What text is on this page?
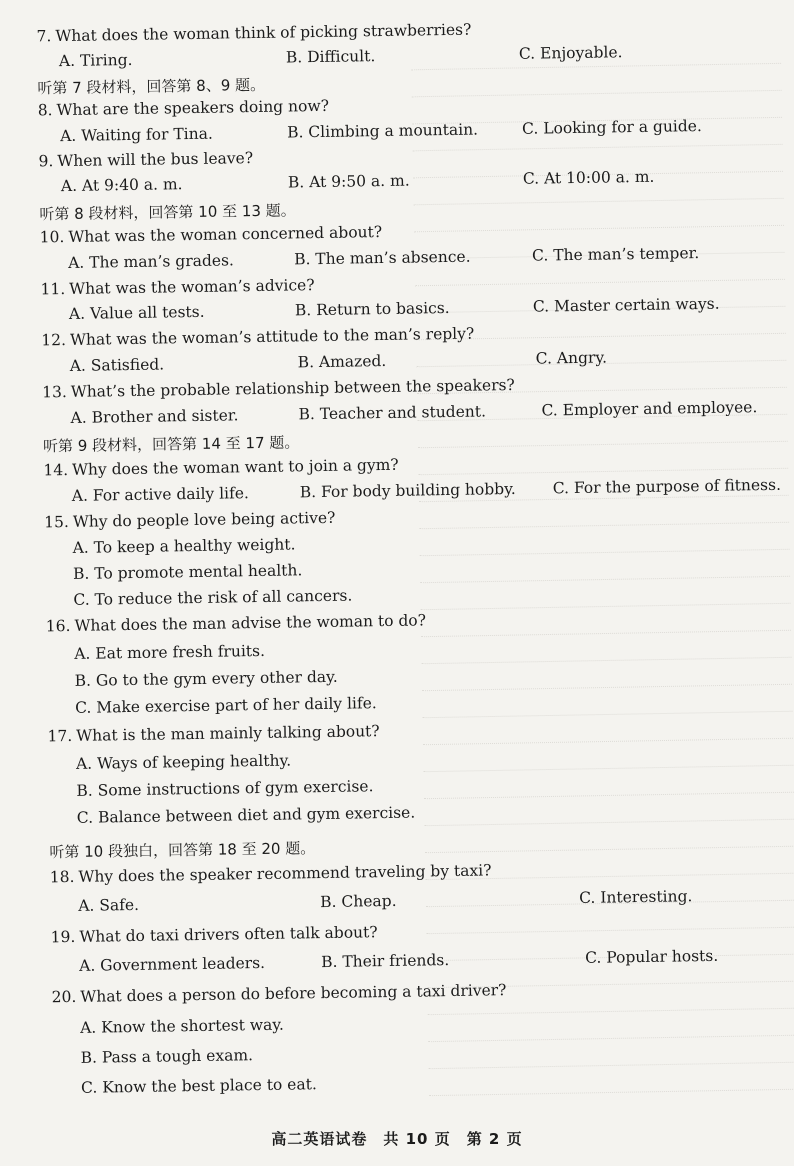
7. What does the woman think of picking strawberries?
A. Tiring.	B. Difficult.	C. Enjoyable.
听第 7 段材料，回答第 8、9 题。
8. What are the speakers doing now?
A. Waiting for Tina.	B. Climbing a mountain.	C. Looking for a guide.
9. When will the bus leave?
A. At 9:40 a. m.	B. At 9:50 a. m.	C. At 10:00 a. m.
听第 8 段材料，回答第 10 至 13 题。
10. What was the woman concerned about?
A. The man’s grades.	B. The man’s absence.	C. The man’s temper.
11. What was the woman’s advice?
A. Value all tests.	B. Return to basics.	C. Master certain ways.
12. What was the woman’s attitude to the man’s reply?
A. Satisfied.	B. Amazed.	C. Angry.
13. What’s the probable relationship between the speakers?
A. Brother and sister.	B. Teacher and student.	C. Employer and employee.
听第 9 段材料，回答第 14 至 17 题。
14. Why does the woman want to join a gym?
A. For active daily life.	B. For body building hobby. C. For the purpose of fitness.
15. Why do people love being active?
A. To keep a healthy weight.
B. To promote mental health.
C. To reduce the risk of all cancers.
16. What does the man advise the woman to do?
A. Eat more fresh fruits.
B. Go to the gym every other day.
C. Make exercise part of her daily life.
17. What is the man mainly talking about?
A. Ways of keeping healthy.
B. Some instructions of gym exercise.
C. Balance between diet and gym exercise.
听第 10 段独白，回答第 18 至 20 题。
18. Why does the speaker recommend traveling by taxi?
A. Safe.	B. Cheap.	C. Interesting.
19. What do taxi drivers often talk about?
A. Government leaders.	B. Their friends.	C. Popular hosts.
20. What does a person do before becoming a taxi driver?
A. Know the shortest way.
B. Pass a tough exam.
C. Know the best place to eat.
高二英语试卷　共 10 页　第 2 页
